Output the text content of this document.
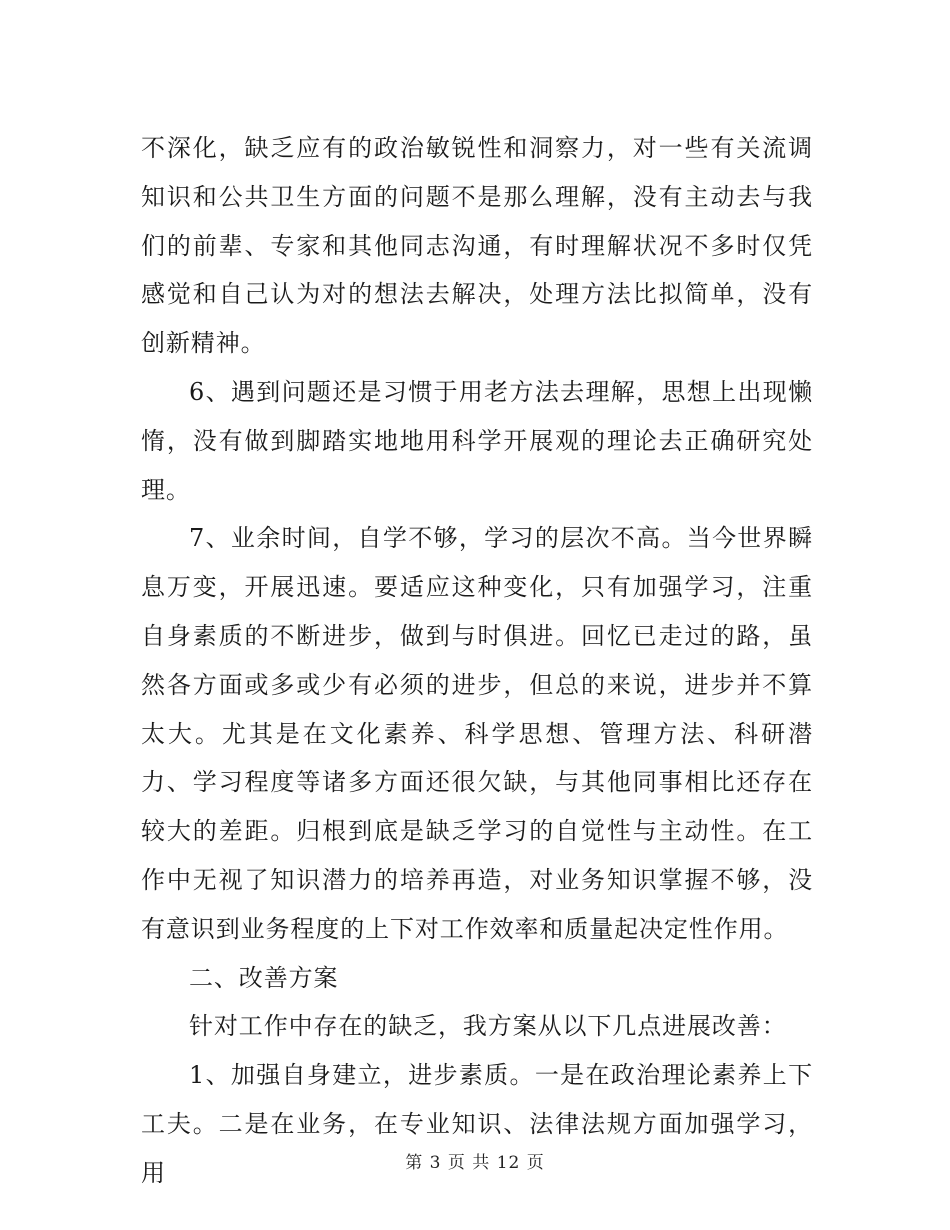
不深化，缺乏应有的政治敏锐性和洞察力，对一些有关流调知识和公共卫生方面的问题不是那么理解，没有主动去与我们的前辈、专家和其他同志沟通，有时理解状况不多时仅凭感觉和自己认为对的想法去解决，处理方法比拟简单，没有创新精神。

6、遇到问题还是习惯于用老方法去理解，思想上出现懒惰，没有做到脚踏实地地用科学开展观的理论去正确研究处理。

7、业余时间，自学不够，学习的层次不高。当今世界瞬息万变，开展迅速。要适应这种变化，只有加强学习，注重自身素质的不断进步，做到与时俱进。回忆已走过的路，虽然各方面或多或少有必须的进步，但总的来说，进步并不算太大。尤其是在文化素养、科学思想、管理方法、科研潜力、学习程度等诸多方面还很欠缺，与其他同事相比还存在较大的差距。归根到底是缺乏学习的自觉性与主动性。在工作中无视了知识潜力的培养再造，对业务知识掌握不够，没有意识到业务程度的上下对工作效率和质量起决定性作用。

二、改善方案

针对工作中存在的缺乏，我方案从以下几点进展改善：

1、加强自身建立，进步素质。一是在政治理论素养上下工夫。二是在业务，在专业知识、法律法规方面加强学习，用	第 3 页 共 12 页
